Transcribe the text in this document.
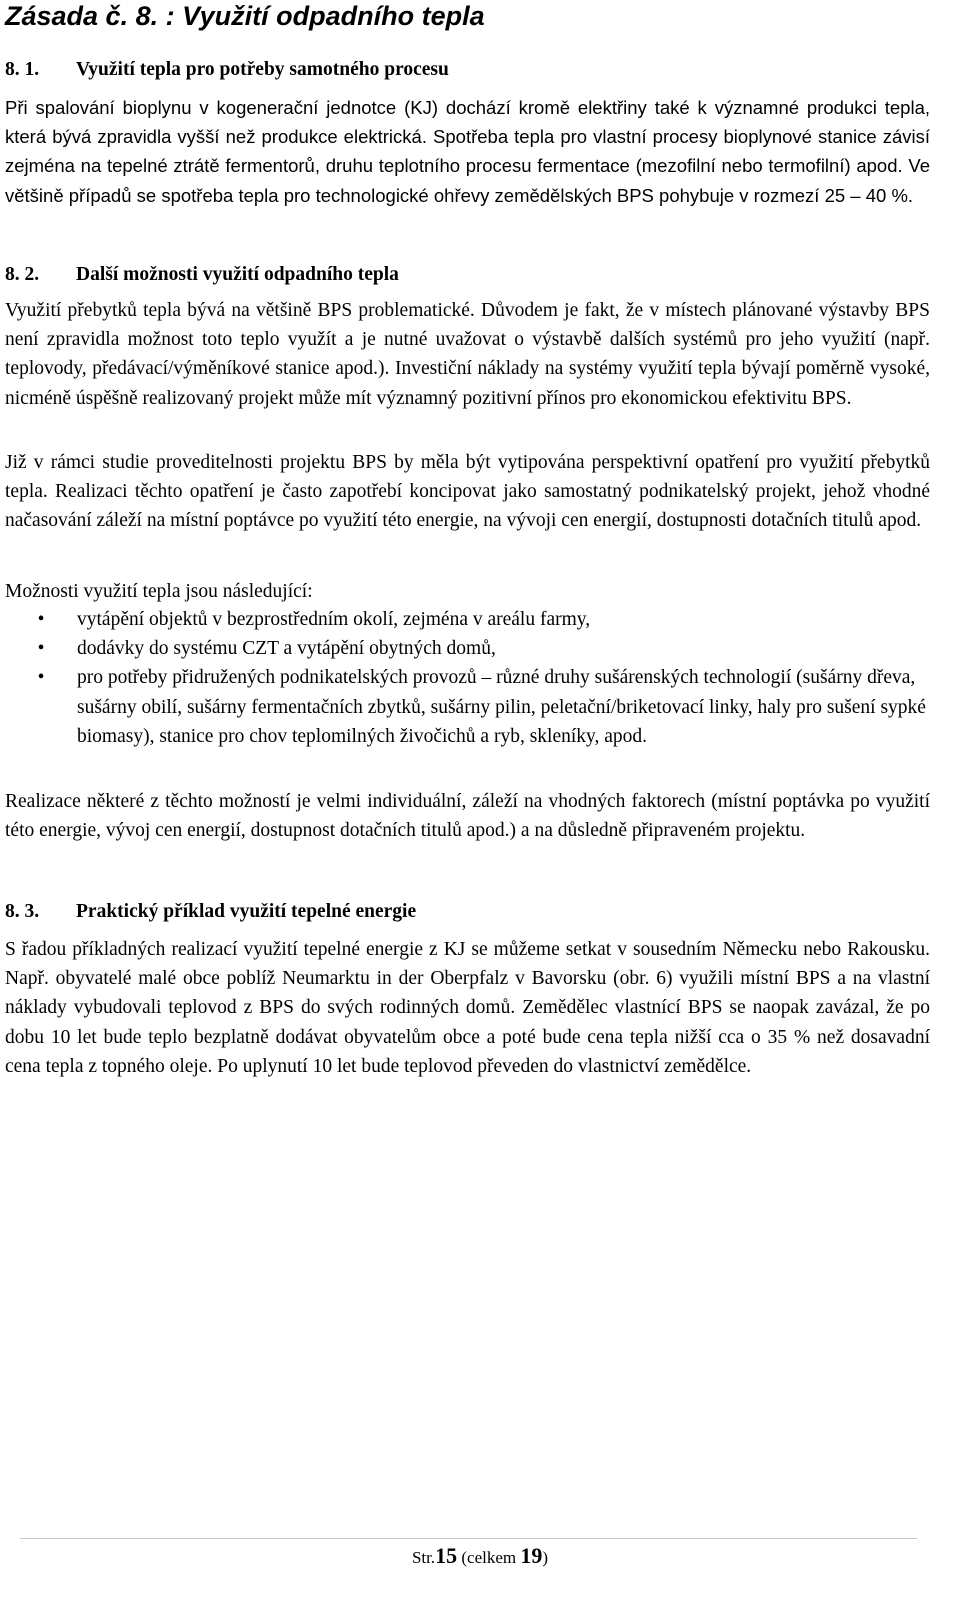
Zásada č. 8. : Využití odpadního tepla
8. 1.	Využití tepla pro potřeby samotného procesu

Při spalování bioplynu v kogenerační jednotce (KJ) dochází kromě elektřiny také k významné produkci tepla, která bývá zpravidla vyšší než produkce elektrická. Spotřeba tepla pro vlastní procesy bioplynové stanice závisí zejména na tepelné ztrátě fermentorů, druhu teplotního procesu fermentace (mezofilní nebo termofilní) apod. Ve většině případů se spotřeba tepla pro technologické ohřevy zemědělských BPS pohybuje v rozmezí 25 – 40 %.

8. 2.	Další možnosti využití odpadního tepla

Využití přebytků tepla bývá na většině BPS problematické. Důvodem je fakt, že v místech plánované výstavby BPS není zpravidla možnost toto teplo využít a je nutné uvažovat o výstavbě dalších systémů pro jeho využití (např. teplovody, předávací/výměníkové stanice apod.). Investiční náklady na systémy využití tepla bývají poměrně vysoké, nicméně úspěšně realizovaný projekt může mít významný pozitivní přínos pro ekonomickou efektivitu BPS.

Již v rámci studie proveditelnosti projektu BPS by měla být vytipována perspektivní opatření pro využití přebytků tepla. Realizaci těchto opatření je často zapotřebí koncipovat jako samostatný podnikatelský projekt, jehož vhodné načasování záleží na místní poptávce po využití této energie, na vývoji cen energií, dostupnosti dotačních titulů apod.

Možnosti využití tepla jsou následující:

• vytápění objektů v bezprostředním okolí, zejména v areálu farmy,
• dodávky do systému CZT a vytápění obytných domů,
• pro potřeby přidružených podnikatelských provozů – různé druhy sušárenských technologií (sušárny dřeva, sušárny obilí, sušárny fermentačních zbytků, sušárny pilin, peletační/briketovací linky, haly pro sušení sypké biomasy), stanice pro chov teplomilných živočichů a ryb, skleníky, apod.

Realizace některé z těchto možností je velmi individuální, záleží na vhodných faktorech (místní poptávka po využití této energie, vývoj cen energií, dostupnost dotačních titulů apod.) a na důsledně připraveném projektu.

8. 3.	Praktický příklad využití tepelné energie

S řadou příkladných realizací využití tepelné energie z KJ se můžeme setkat v sousedním Německu nebo Rakousku. Např. obyvatelé malé obce poblíž Neumarktu in der Oberpfalz v Bavorsku (obr. 6) využili místní BPS a na vlastní náklady vybudovali teplovod z BPS do svých rodinných domů. Zemědělec vlastnící BPS se naopak zavázal, že po dobu 10 let bude teplo bezplatně dodávat obyvatelům obce a poté bude cena tepla nižší cca o 35 % než dosavadní cena tepla z topného oleje. Po uplynutí 10 let bude teplovod převeden do vlastnictví zemědělce.

Str.15 (celkem 19)
